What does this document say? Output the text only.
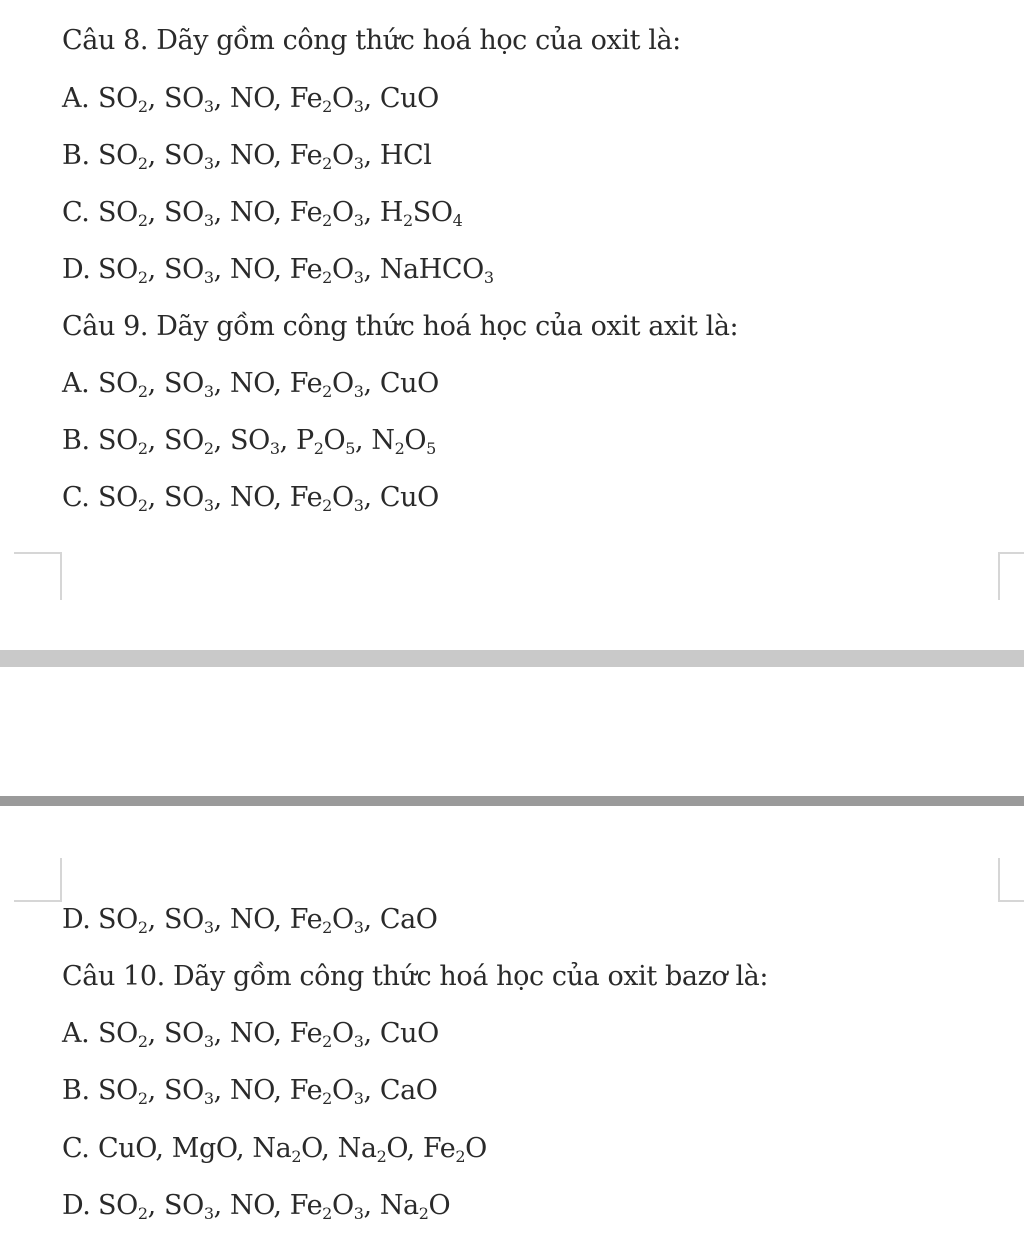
Câu 8. Dãy gồm công thức hoá học của oxit là:
A. $SO_2$, $SO_3$, NO, $Fe_2O_3$, CuO
B. $SO_2$, $SO_3$, NO, $Fe_2O_3$, HCl
C. $SO_2$, $SO_3$, NO, $Fe_2O_3$, $H_2SO_4$
D. $SO_2$, $SO_3$, NO, $Fe_2O_3$, NaHCO$_3$
Câu 9. Dãy gồm công thức hoá học của oxit axit là:
A. $SO_2$, $SO_3$, NO, $Fe_2O_3$, CuO
B. $SO_2$, $SO_2$, $SO_3$, $P_2O_5$, $N_2O_5$
C. $SO_2$, $SO_3$, NO, $Fe_2O_3$, CuO
D. $SO_2$, $SO_3$, NO, $Fe_2O_3$, CaO
Câu 10. Dãy gồm công thức hoá học của oxit bazơ là:
A. $SO_2$, $SO_3$, NO, $Fe_2O_3$, CuO
B. $SO_2$, $SO_3$, NO, $Fe_2O_3$, CaO
C. CuO, MgO, $Na_2O$, $Na_2O$, $Fe_2O$
D. $SO_2$, $SO_3$, NO, $Fe_2O_3$, $Na_2O$
